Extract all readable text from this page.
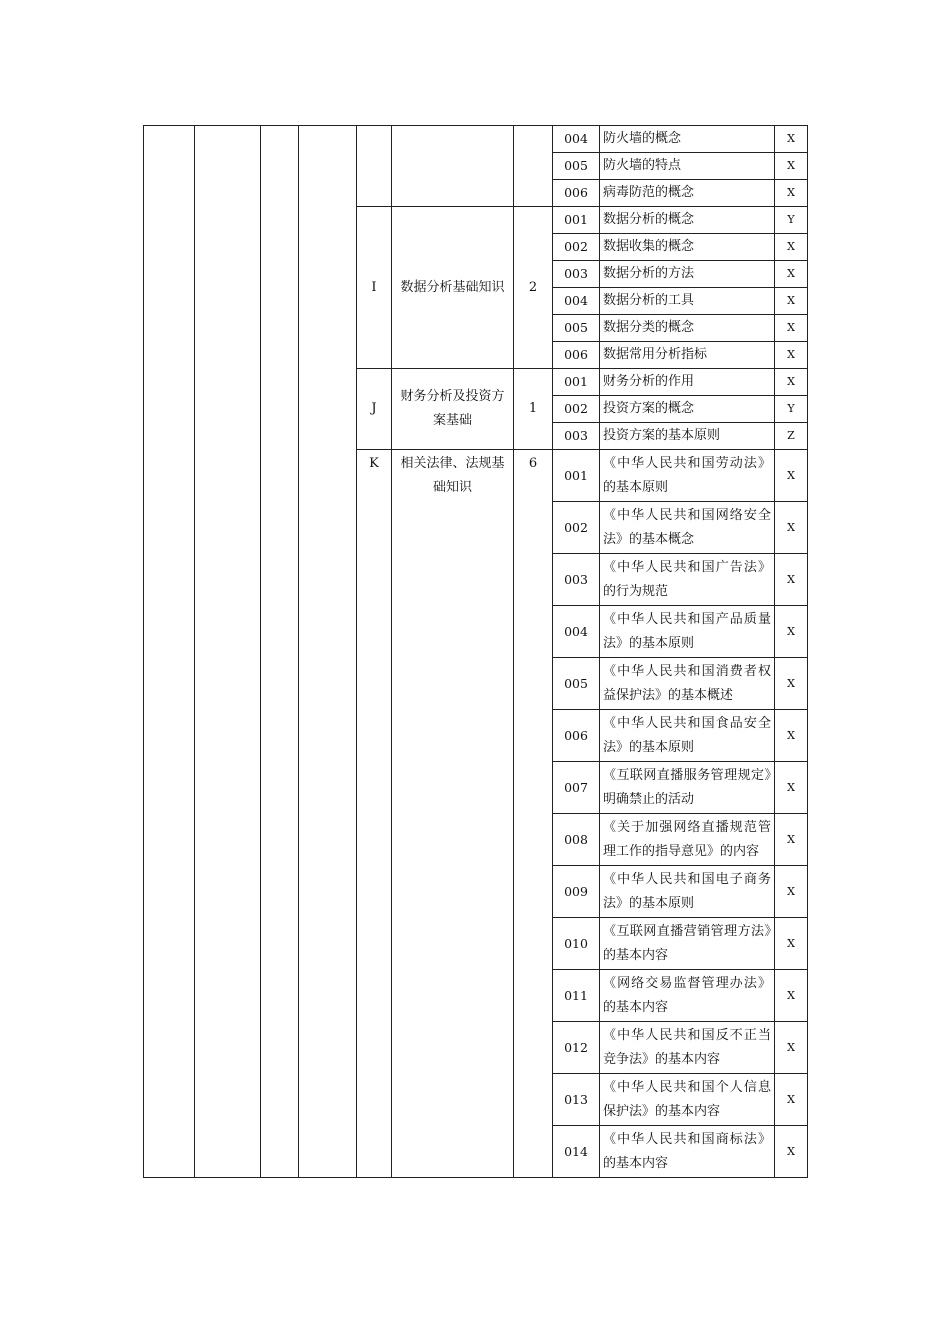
							004	防火墙的概念	X
							005	防火墙的特点	X
							006	病毒防范的概念	X
				I	数据分析基础知识	2	001	数据分析的概念	Y
							002	数据收集的概念	X
							003	数据分析的方法	X
							004	数据分析的工具	X
							005	数据分类的概念	X
							006	数据常用分析指标	X
				J	财务分析及投资方案基础	1	001	财务分析的作用	X
							002	投资方案的概念	Y
							003	投资方案的基本原则	Z
				K	相关法律、法规基础知识	6	001	《中华人民共和国劳动法》的基本原则	X
							002	《中华人民共和国网络安全法》的基本概念	X
							003	《中华人民共和国广告法》的行为规范	X
							004	《中华人民共和国产品质量法》的基本原则	X
							005	《中华人民共和国消费者权益保护法》的基本概述	X
							006	《中华人民共和国食品安全法》的基本原则	X
							007	《互联网直播服务管理规定》明确禁止的活动	X
							008	《关于加强网络直播规范管理工作的指导意见》的内容	X
							009	《中华人民共和国电子商务法》的基本原则	X
							010	《互联网直播营销管理方法》的基本内容	X
							011	《网络交易监督管理办法》的基本内容	X
							012	《中华人民共和国反不正当竞争法》的基本内容	X
							013	《中华人民共和国个人信息保护法》的基本内容	X
							014	《中华人民共和国商标法》的基本内容	X
